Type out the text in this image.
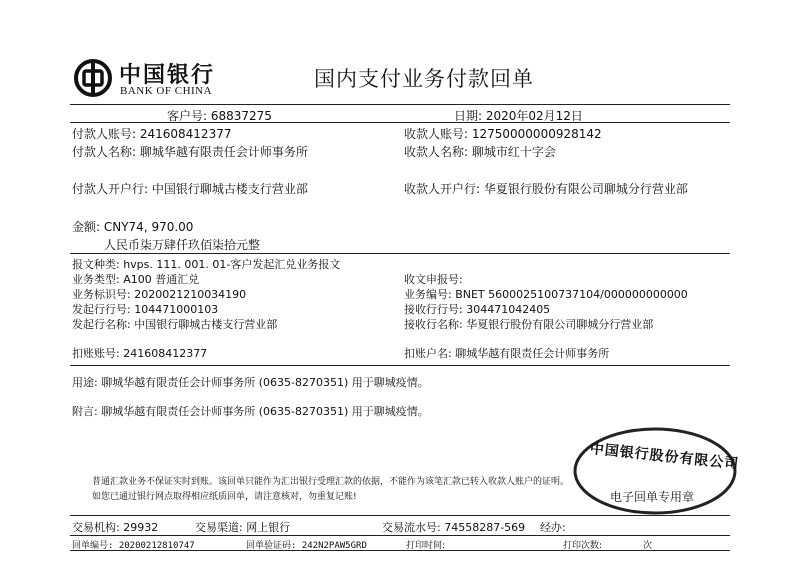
中国银行
BANK OF CHINA	国内支付业务付款回单
客户号: 68837275	日期: 2020年02月12日
付款人账号: 241608412377	收款人账号: 12750000000928142
付款人名称: 聊城华越有限责任会计师事务所	收款人名称: 聊城市红十字会
付款人开户行: 中国银行聊城古楼支行营业部	收款人开户行: 华夏银行股份有限公司聊城分行营业部
金额: CNY74, 970.00
人民币柒万肆仟玖佰柒拾元整
报文种类: hvps. 111. 001. 01-客户发起汇兑业务报文
业务类型: A100 普通汇兑
业务标识号: 2020021210034190
发起行行号: 104471000103
发起行名称: 中国银行聊城古楼支行营业部
收文申报号:
业务编号: BNET 5600025100737104/000000000000
接收行行号: 304471042405
接收行名称: 华夏银行股份有限公司聊城分行营业部
扣账账号: 241608412377	扣账户名: 聊城华越有限责任会计师事务所
用途: 聊城华越有限责任会计师事务所 (0635-8270351) 用于聊城疫情。
附言: 聊城华越有限责任会计师事务所 (0635-8270351) 用于聊城疫情。
普通汇款业务不保证实时到账。该回单只能作为汇出银行受理汇款的依据，不能作为该笔汇款已转入收款人账户的证明。
如您已通过银行网点取得相应纸质回单，请注意核对，勿重复记账!
中国银行股份有限公司
电子回单专用章
交易机构: 29932	交易渠道: 网上银行	交易流水号: 74558287-569 经办:
回单编号: 20200212810747	回单验证码: 242N2PAW5GRD	打印时间:	打印次数:	次
